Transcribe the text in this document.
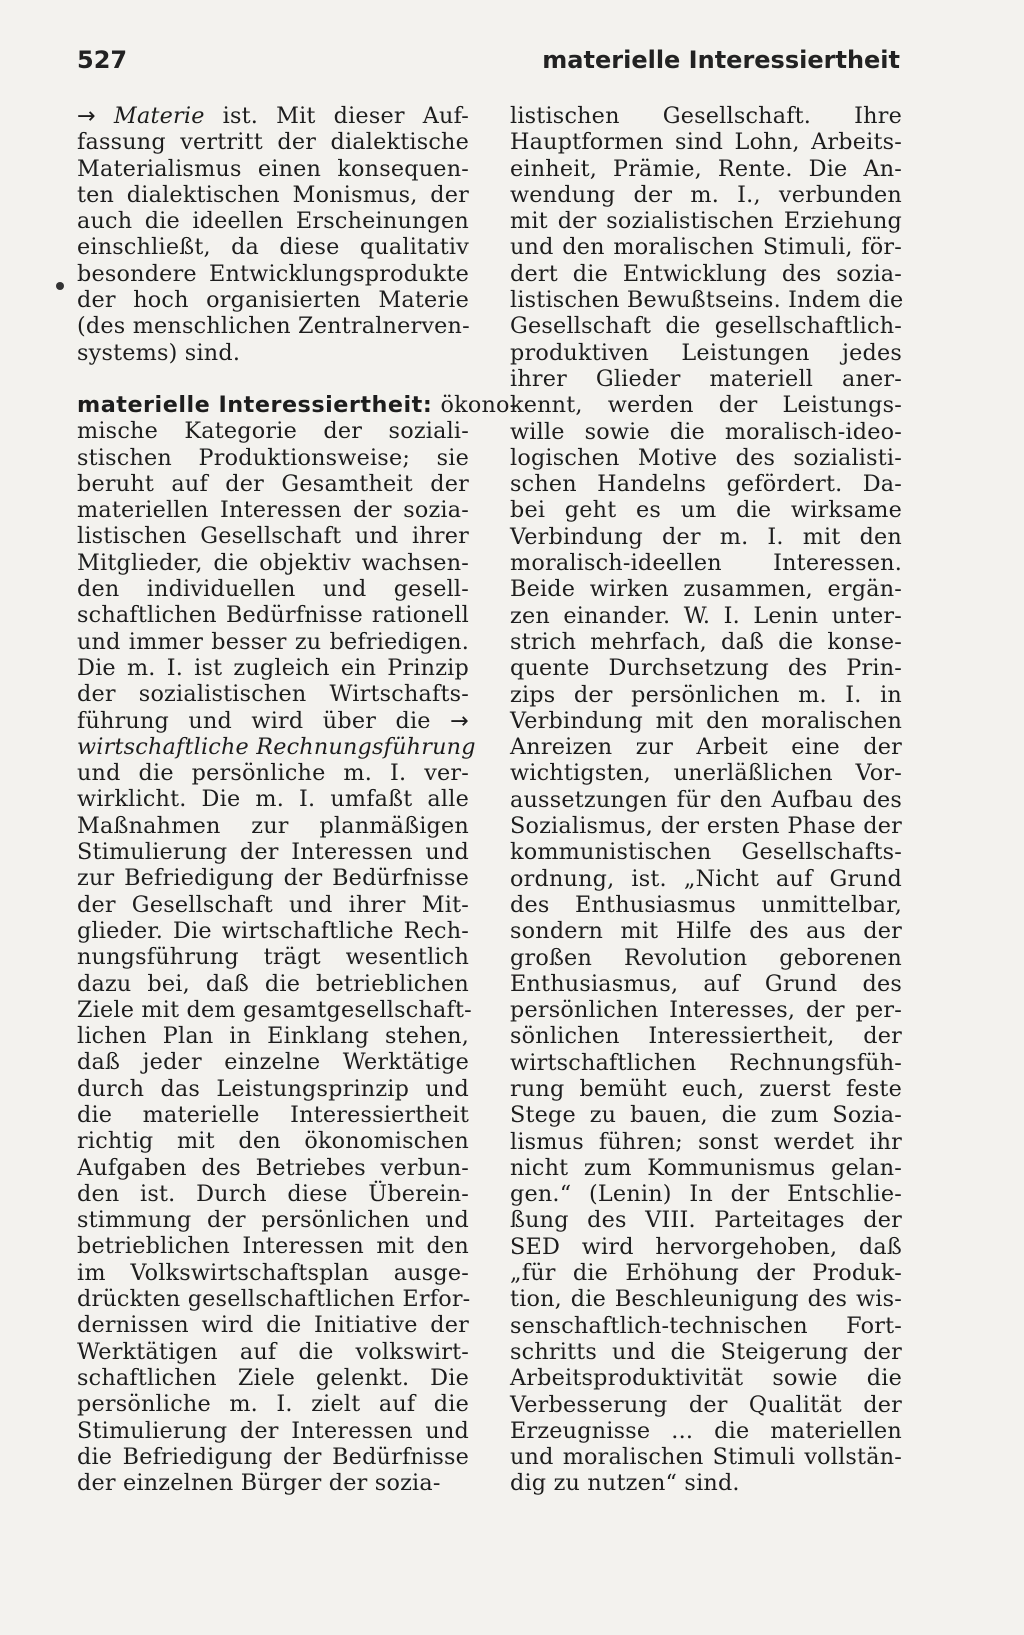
527	materielle Interessiertheit
→ Materie ist. Mit dieser Auf-
fassung vertritt der dialektische
Materialismus einen konsequen-
ten dialektischen Monismus, der
auch die ideellen Erscheinungen
einschließt, da diese qualitativ
besondere Entwicklungsprodukte
der hoch organisierten Materie
(des menschlichen Zentralnerven-
systems) sind.
materielle Interessiertheit: ökono-
mische Kategorie der soziali-
stischen Produktionsweise; sie
beruht auf der Gesamtheit der
materiellen Interessen der sozia-
listischen Gesellschaft und ihrer
Mitglieder, die objektiv wachsen-
den individuellen und gesell-
schaftlichen Bedürfnisse rationell
und immer besser zu befriedigen.
Die m. I. ist zugleich ein Prinzip
der sozialistischen Wirtschafts-
führung und wird über die →
wirtschaftliche Rechnungsführung
und die persönliche m. I. ver-
wirklicht. Die m. I. umfaßt alle
Maßnahmen zur planmäßigen
Stimulierung der Interessen und
zur Befriedigung der Bedürfnisse
der Gesellschaft und ihrer Mit-
glieder. Die wirtschaftliche Rech-
nungsführung trägt wesentlich
dazu bei, daß die betrieblichen
Ziele mit dem gesamtgesellschaft-
lichen Plan in Einklang stehen,
daß jeder einzelne Werktätige
durch das Leistungsprinzip und
die materielle Interessiertheit
richtig mit den ökonomischen
Aufgaben des Betriebes verbun-
den ist. Durch diese Überein-
stimmung der persönlichen und
betrieblichen Interessen mit den
im Volkswirtschaftsplan ausge-
drückten gesellschaftlichen Erfor-
dernissen wird die Initiative der
Werktätigen auf die volkswirt-
schaftlichen Ziele gelenkt. Die
persönliche m. I. zielt auf die
Stimulierung der Interessen und
die Befriedigung der Bedürfnisse
der einzelnen Bürger der sozia-
listischen Gesellschaft. Ihre
Hauptformen sind Lohn, Arbeits-
einheit, Prämie, Rente. Die An-
wendung der m. I., verbunden
mit der sozialistischen Erziehung
und den moralischen Stimuli, för-
dert die Entwicklung des sozia-
listischen Bewußtseins. Indem die
Gesellschaft die gesellschaftlich-
produktiven Leistungen jedes
ihrer Glieder materiell aner-
kennt, werden der Leistungs-
wille sowie die moralisch-ideo-
logischen Motive des sozialisti-
schen Handelns gefördert. Da-
bei geht es um die wirksame
Verbindung der m. I. mit den
moralisch-ideellen Interessen.
Beide wirken zusammen, ergän-
zen einander. W. I. Lenin unter-
strich mehrfach, daß die konse-
quente Durchsetzung des Prin-
zips der persönlichen m. I. in
Verbindung mit den moralischen
Anreizen zur Arbeit eine der
wichtigsten, unerläßlichen Vor-
aussetzungen für den Aufbau des
Sozialismus, der ersten Phase der
kommunistischen Gesellschafts-
ordnung, ist. „Nicht auf Grund
des Enthusiasmus unmittelbar,
sondern mit Hilfe des aus der
großen Revolution geborenen
Enthusiasmus, auf Grund des
persönlichen Interesses, der per-
sönlichen Interessiertheit, der
wirtschaftlichen Rechnungsfüh-
rung bemüht euch, zuerst feste
Stege zu bauen, die zum Sozia-
lismus führen; sonst werdet ihr
nicht zum Kommunismus gelan-
gen.“ (Lenin) In der Entschlie-
ßung des VIII. Parteitages der
SED wird hervorgehoben, daß
„für die Erhöhung der Produk-
tion, die Beschleunigung des wis-
senschaftlich-technischen Fort-
schritts und die Steigerung der
Arbeitsproduktivität sowie die
Verbesserung der Qualität der
Erzeugnisse ... die materiellen
und moralischen Stimuli vollstän-
dig zu nutzen“ sind.
